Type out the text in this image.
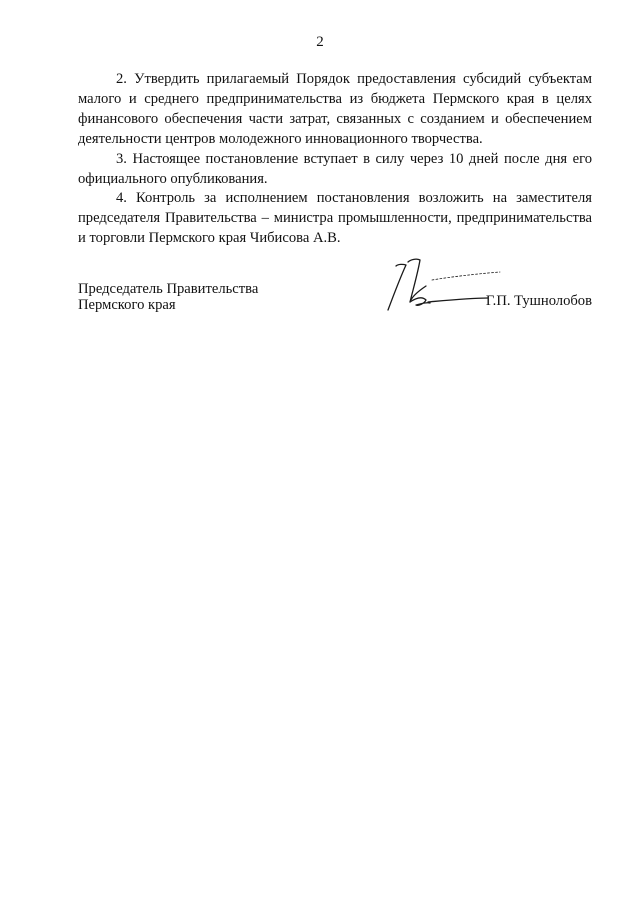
2

2. Утвердить прилагаемый Порядок предоставления субсидий субъектам малого и среднего предпринимательства из бюджета Пермского края в целях финансового обеспечения части затрат, связанных с созданием и обеспечением деятельности центров молодежного инновационного творчества.

3. Настоящее постановление вступает в силу через 10 дней после дня его официального опубликования.

4. Контроль за исполнением постановления возложить на заместителя председателя Правительства – министра промышленности, предпринимательства и торговли Пермского края Чибисова А.В.

Председатель Правительства
Пермского края	Г.П. Тушнолобов
